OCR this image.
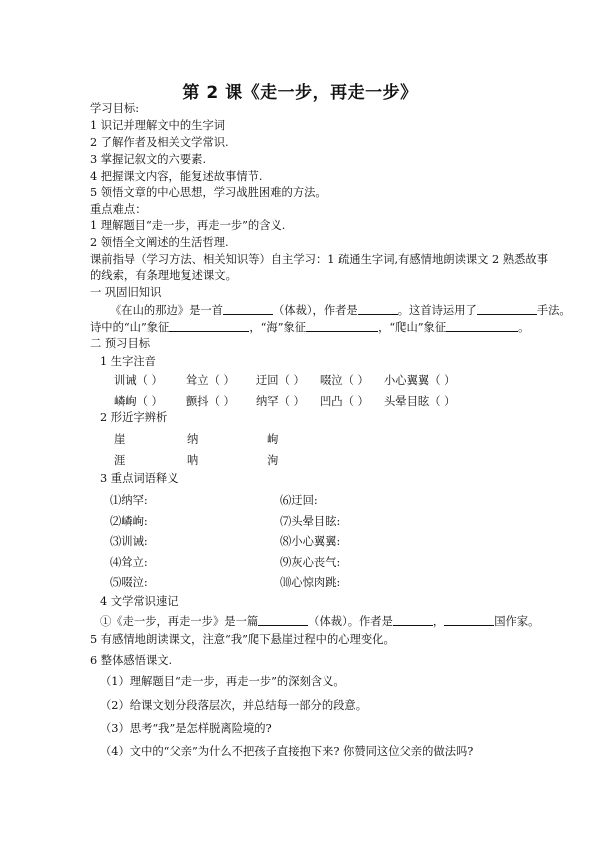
第 2 课《走一步，再走一步》
学习目标:
1 识记并理解文中的生字词
2 了解作者及相关文学常识.
3 掌握记叙文的六要素.
4 把握课文内容，能复述故事情节.
5 领悟文章的中心思想，学习战胜困难的方法。
重点难点：
1 理解题目“走一步，再走一步”的含义.
2 领悟全文阐述的生活哲理.
课前指导（学习方法、相关知识等）自主学习：1 疏通生字词,有感情地朗读课文 2 熟悉故事
的线索，有条理地复述课文。
一 巩固旧知识
《在山的那边》是一首	（体裁），作者是	。这首诗运用了	手法。
诗中的“山”象征	，“海”象征	，“爬山”象征	。
二 预习目标
1 生字注音
训诫（ ） 耸立（ ） 迂回（ ） 啜泣（ ） 小心翼翼（ ）
嶙峋（ ） 颤抖（ ） 纳罕（ ） 凹凸（ ） 头晕目眩（ ）
2 形近字辨析
崖	纳	峋
涯	呐	洵
3 重点词语释义
⑴纳罕:	⑹迂回:
⑵嶙峋:	⑺头晕目眩:
⑶训诫:	⑻小心翼翼:
⑷耸立:	⑼灰心丧气:
⑸啜泣:	⑽心惊肉跳:
4 文学常识速记
①《走一步，再走一步》是一篇	（体裁）。作者是	，	国作家。
5 有感情地朗读课文，注意“我”爬下悬崖过程中的心理变化。
6 整体感悟课文.
（1）理解题目“走一步，再走一步”的深刻含义。
（2）给课文划分段落层次，并总结每一部分的段意。
（3）思考“我”是怎样脱离险境的?
（4）文中的“父亲”为什么不把孩子直接抱下来? 你赞同这位父亲的做法吗?
